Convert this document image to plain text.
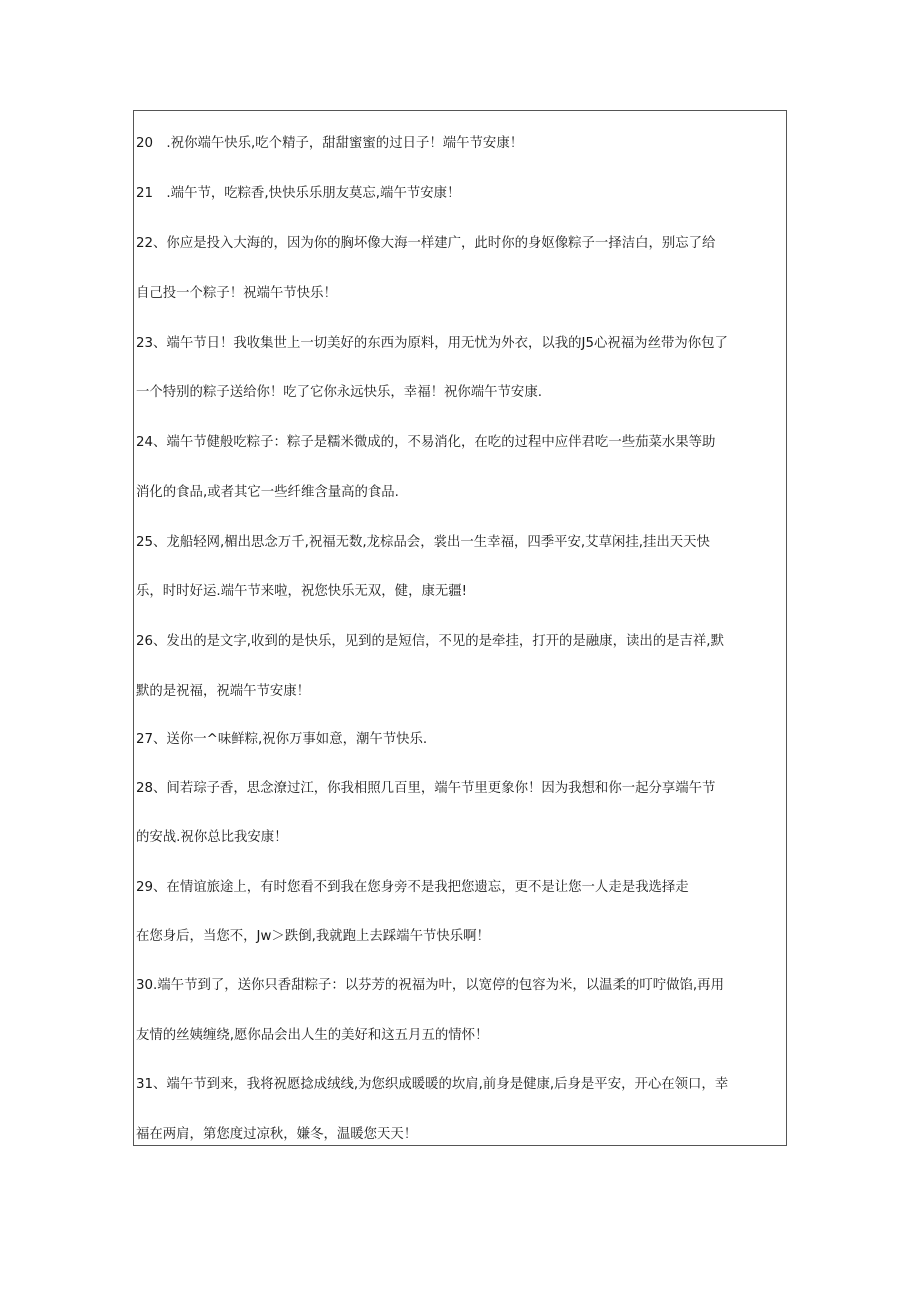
20　.祝你端午快乐,吃个精子，甜甜蜜蜜的过日子！端午节安康！
21　.端午节，吃粽香,快快乐乐朋友莫忘,端午节安康！
22、你应是投入大海的，因为你的胸坏像大海一样建广，此时你的身妪像粽子一择洁白，别忘了给
自己投一个粽子！祝端午节快乐！
23、端午节日！我收集世上一切美好的东西为原料，用无忧为外衣，以我的J5心祝福为丝带为你包了
一个特别的粽子送给你！吃了它你永远快乐，幸福！祝你端午节安康.
24、端午节健般吃粽子：粽子是糯米微成的，不易消化，在吃的过程中应伴君吃一些茄菜水果等助
消化的食品,或者其它一些纤维含量高的食品.
25、龙船轻网,楣出思念万千,祝福无数,龙棕品会，裳出一生幸福，四季平安,艾草闲挂,挂出天天快
乐，时时好运.端午节来啦，祝您快乐无双，健，康无疆!
26、发出的是文字,收到的是快乐，见到的是短信，不见的是牵挂，打开的是融康，读出的是吉祥,默
默的是祝福，祝端午节安康！
27、送你一^味鲜粽,祝你万事如意，潮午节快乐.
28、间若琮子香，思念潦过江，你我相照几百里，端午节里更象你！因为我想和你一起分享端午节
的安战.祝你总比我安康！
29、在情谊旅途上，有时您看不到我在您身旁不是我把您遗忘，更不是让您一人走是我选择走
在您身后，当您不，Jw＞跌倒,我就跑上去踩端午节快乐啊！
30.端午节到了，送你只香甜粽子：以芬芳的祝福为叶，以宽停的包容为米，以温柔的叮咛做馅,再用
友情的丝姨缠绕,愿你品会出人生的美好和这五月五的情怀！
31、端午节到来，我将祝愿捻成绒线,为您织成暖暖的坎肩,前身是健康,后身是平安，开心在领口，幸
福在两肩，第您度过凉秋，嫌冬，温暖您天天！
